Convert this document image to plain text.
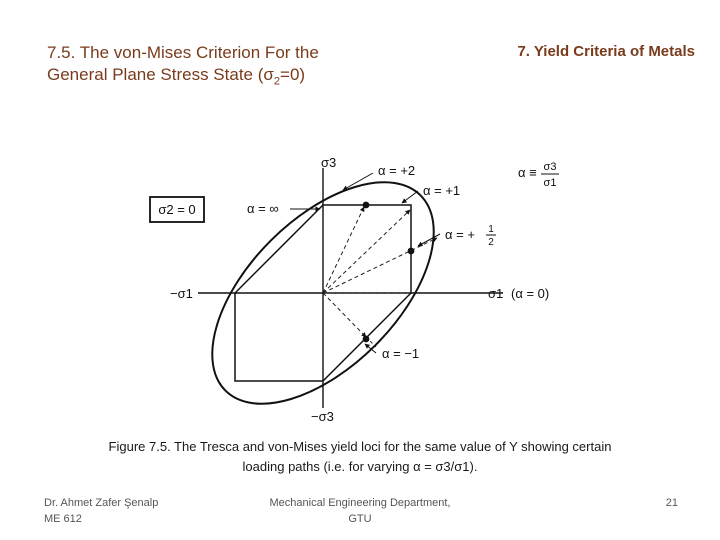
7.5. The von-Mises Criterion For the
General Plane Stress State $(\sigma_2=0)$
7. Yield Criteria of Metals
σ2 = 0
σ3
−σ3
σ1
−σ1	(α = 0)
α = +2
α = +1
α = ∞
α = + 1
2
α = −1
α ≡ σ3
σ1
Figure 7.5. The Tresca and von-Mises yield loci for the same value of Y showing certain
loading paths (i.e. for varying α = σ3/σ1).
Dr. Ahmet Zafer Şenalp
ME 612
Mechanical Engineering Department,
GTU
21
